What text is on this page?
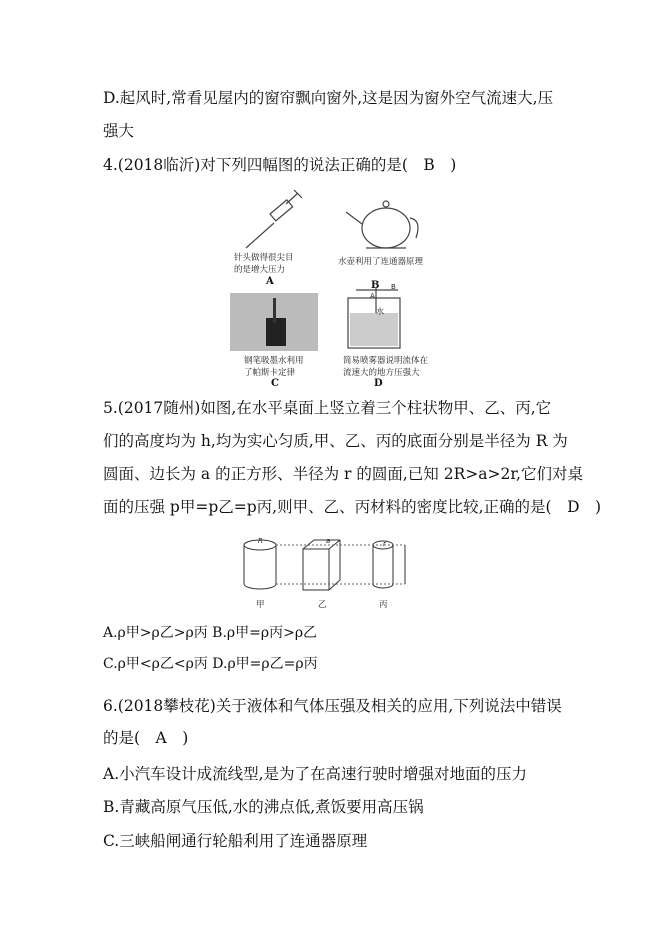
D.起风时,常看见屋内的窗帘飘向窗外,这是因为窗外空气流速大,压
强大
4.(2018临沂)对下列四幅图的说法正确的是(　B　)
针头做得很尖目
的是增大压力
A
水壶利用了连通器原理
B
水
A
B
钢笔吸墨水利用
了帕斯卡定律
C
简易喷雾器说明流体在
流速大的地方压强大
D
5.(2017随州)如图,在水平桌面上竖立着三个柱状物甲、乙、丙,它
们的高度均为 h,均为实心匀质,甲、乙、丙的底面分别是半径为 R 为
圆面、边长为 a 的正方形、半径为 r 的圆面,已知 2R>a>2r,它们对桌
面的压强 p甲=p乙=p丙,则甲、乙、丙材料的密度比较,正确的是(　D　)
甲	乙	丙
R	a	r
A.ρ甲>ρ乙>ρ丙 B.ρ甲=ρ丙>ρ乙
C.ρ甲<ρ乙<ρ丙 D.ρ甲=ρ乙=ρ丙
6.(2018攀枝花)关于液体和气体压强及相关的应用,下列说法中错误
的是(　A　)
A.小汽车设计成流线型,是为了在高速行驶时增强对地面的压力
B.青藏高原气压低,水的沸点低,煮饭要用高压锅
C.三峡船闸通行轮船利用了连通器原理
